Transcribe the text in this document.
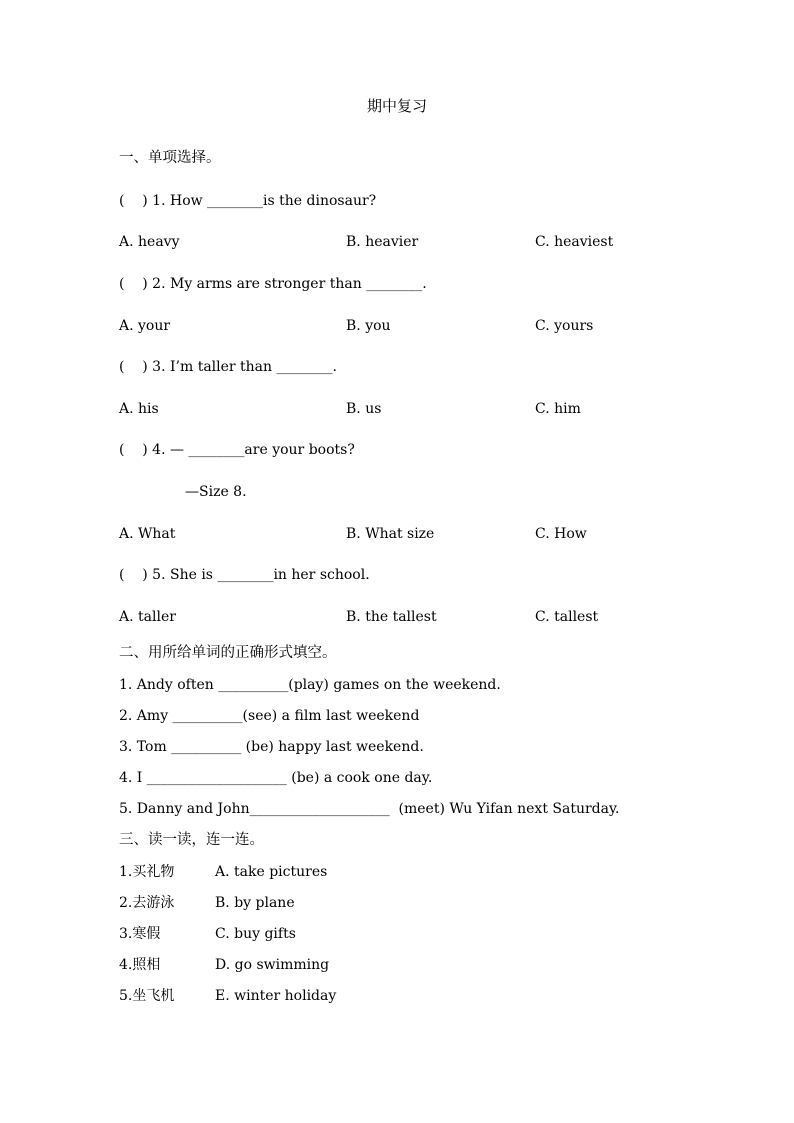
期中复习
一、单项选择。
(    ) 1. How ________is the dinosaur?
A. heavy	B. heavier	C. heaviest
(    ) 2. My arms are stronger than ________.
A. your	B. you	C. yours
(    ) 3. I’m taller than ________.
A. his	B. us	C. him
(    ) 4. — ________are your boots?
—Size 8.
A. What	B. What size	C. How
(    ) 5. She is ________in her school.
A. taller	B. the tallest	C. tallest
二、用所给单词的正确形式填空。
1. Andy often __________(play) games on the weekend.
2. Amy __________(see) a film last weekend
3. Tom __________ (be) happy last weekend.
4. I ____________________ (be) a cook one day.
5. Danny and John____________________  (meet) Wu Yifan next Saturday.
三、读一读，连一连。
1.买礼物	A. take pictures
2.去游泳	B. by plane
3.寒假	C. buy gifts
4.照相	D. go swimming
5.坐飞机	E. winter holiday
